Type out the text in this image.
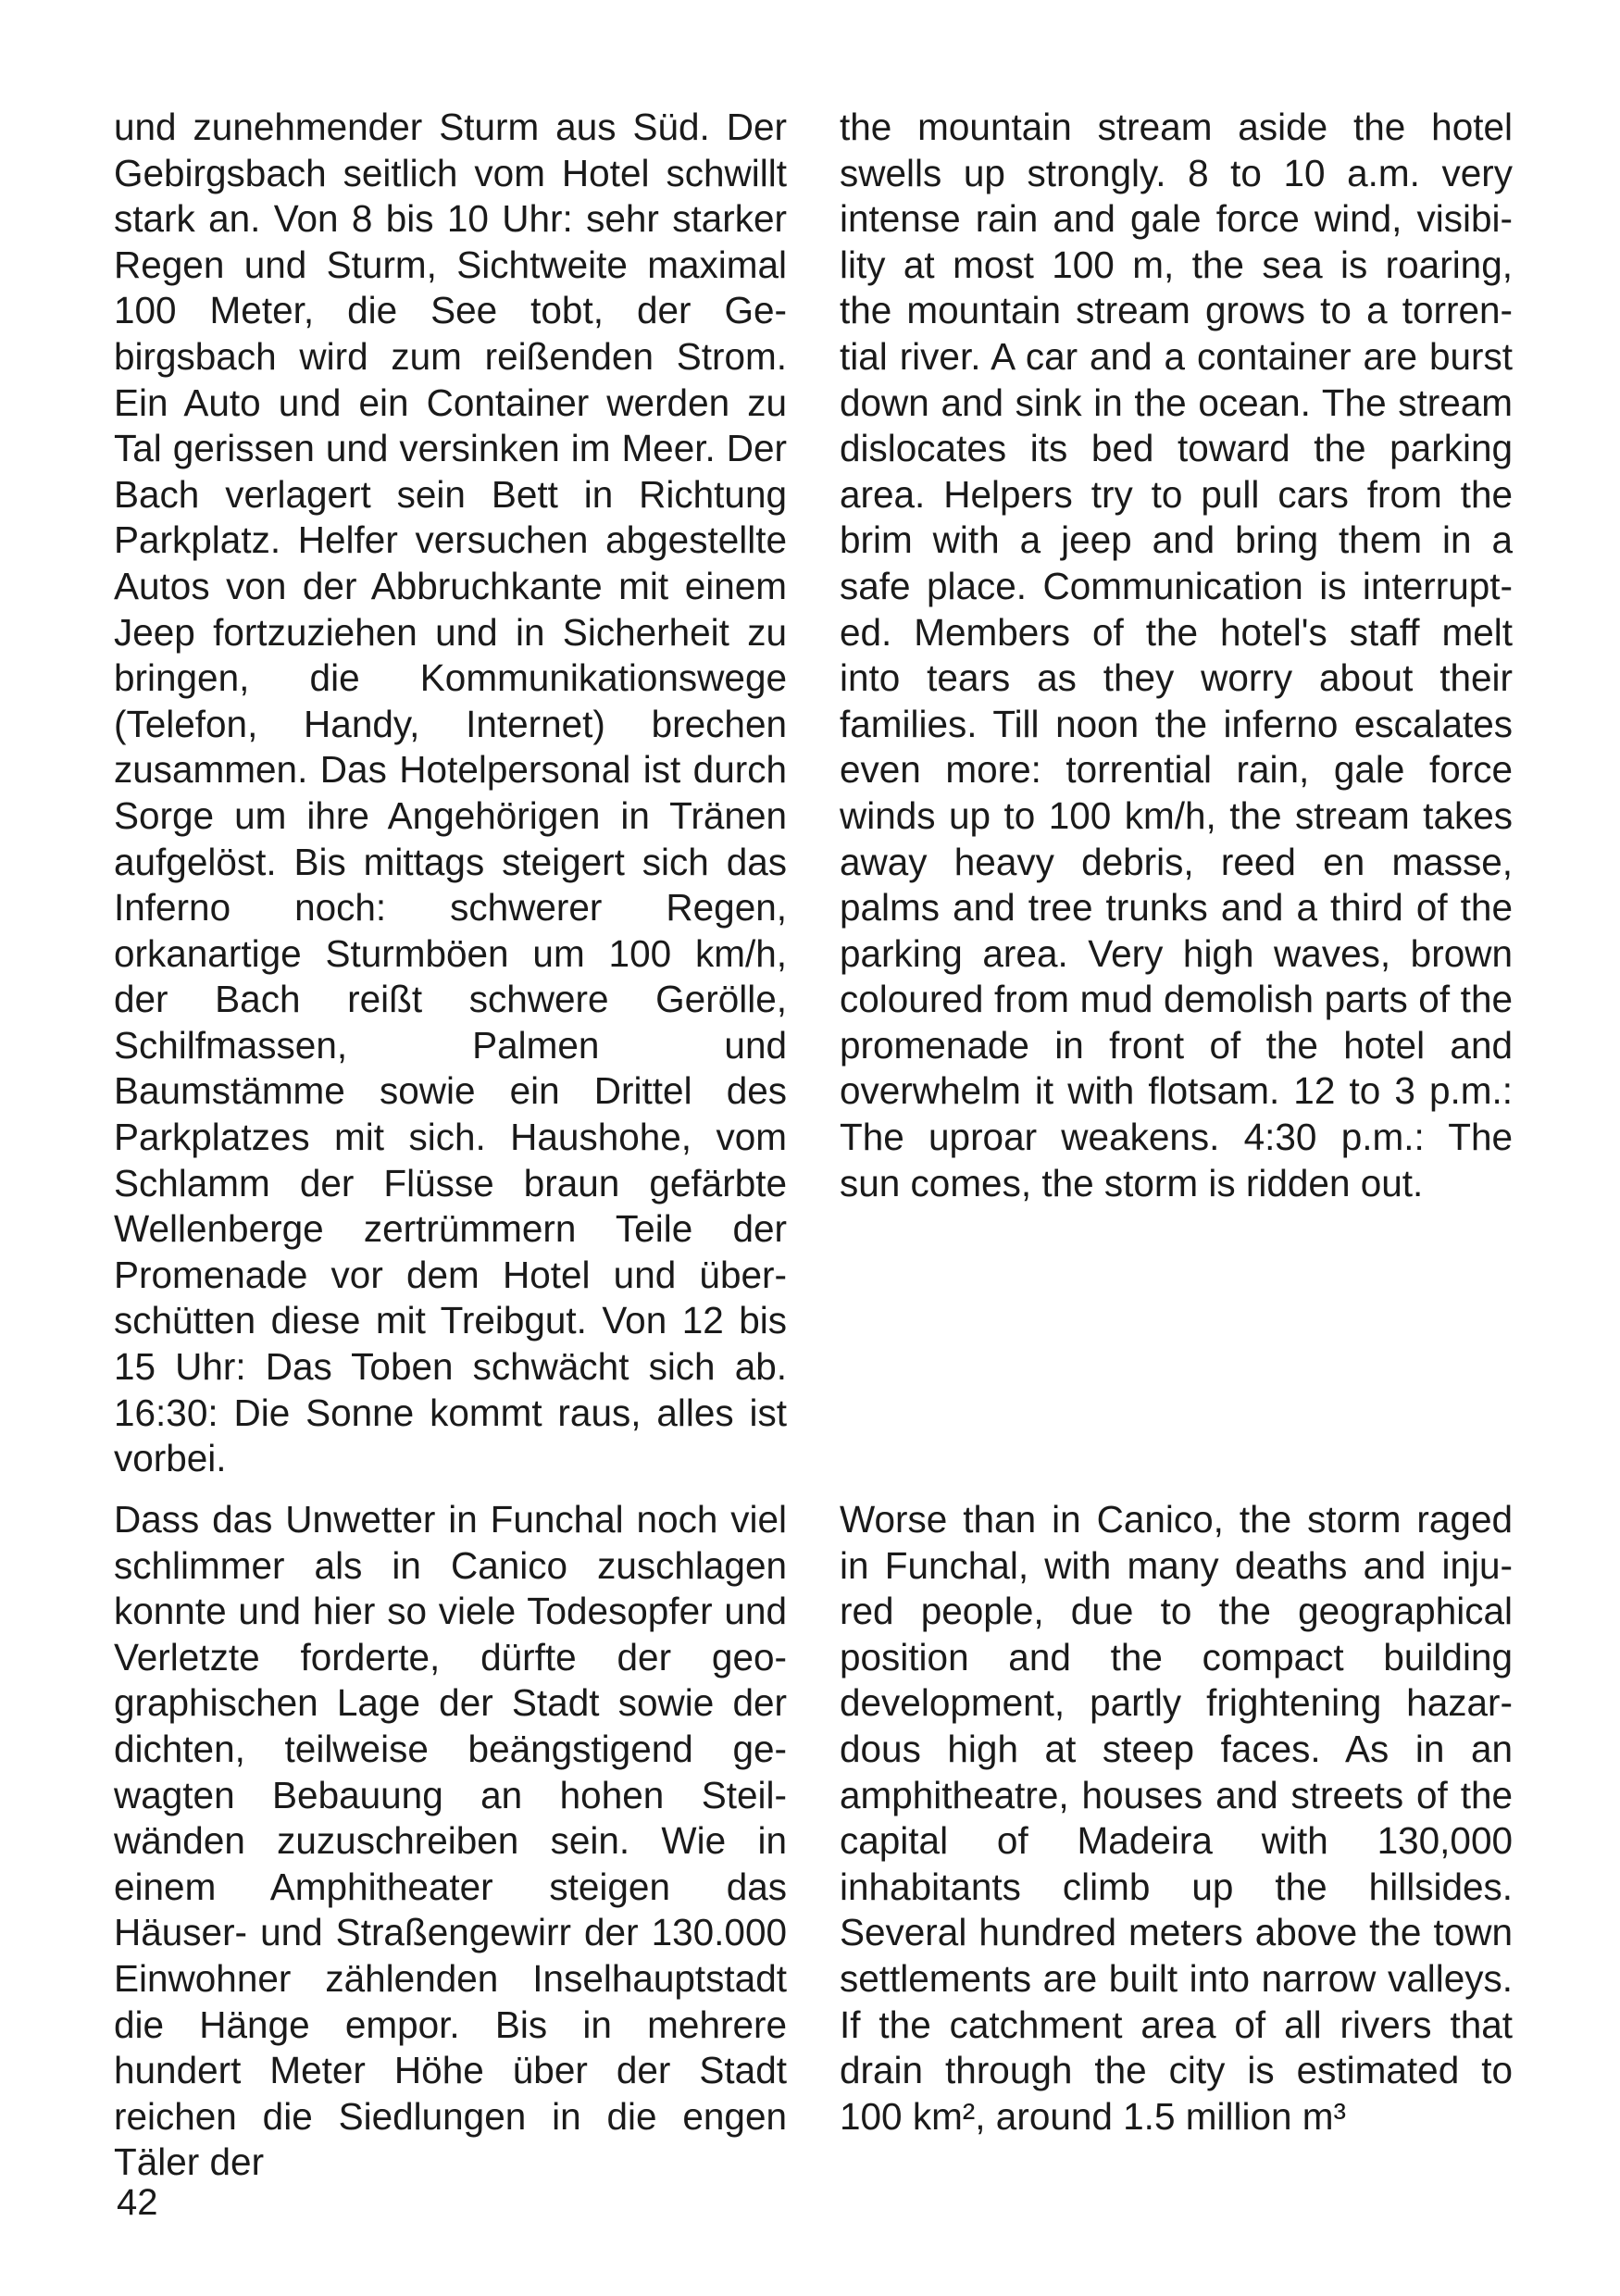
und zunehmender Sturm aus Süd. Der Gebirgsbach seitlich vom Hotel schwillt stark an. Von 8 bis 10 Uhr: sehr starker Regen und Sturm, Sichtweite maximal 100 Meter, die See tobt, der Gebirgsbach wird zum reißenden Strom. Ein Auto und ein Container werden zu Tal gerissen und versinken im Meer. Der Bach verlagert sein Bett in Richtung Parkplatz. Helfer versuchen abgestellte Autos von der Abbruchkante mit einem Jeep fortzuziehen und in Sicherheit zu bringen, die Kommunikationswege (Telefon, Handy, Internet) brechen zusammen. Das Hotelpersonal ist durch Sorge um ihre Angehörigen in Tränen aufgelöst. Bis mittags steigert sich das Inferno noch: schwerer Regen, orkanartige Sturmböen um 100 km/h, der Bach reißt schwere Gerölle, Schilfmassen, Palmen und Baumstämme sowie ein Drittel des Parkplatzes mit sich. Haushohe, vom Schlamm der Flüsse braun gefärbte Wellenberge zertrümmern Teile der Promenade vor dem Hotel und überschütten diese mit Treibgut. Von 12 bis 15 Uhr: Das Toben schwächt sich ab. 16:30: Die Sonne kommt raus, alles ist vorbei.

the mountain stream aside the hotel swells up strongly. 8 to 10 a.m. very intense rain and gale force wind, visibility at most 100 m, the sea is roaring, the mountain stream grows to a torrential river. A car and a container are burst down and sink in the ocean. The stream dislocates its bed toward the parking area. Helpers try to pull cars from the brim with a jeep and bring them in a safe place. Communication is interrupted. Members of the hotel's staff melt into tears as they worry about their families. Till noon the inferno escalates even more: torrential rain, gale force winds up to 100 km/h, the stream takes away heavy debris, reed en masse, palms and tree trunks and a third of the parking area. Very high waves, brown coloured from mud demolish parts of the promenade in front of the hotel and overwhelm it with flotsam. 12 to 3 p.m.: The uproar weakens. 4:30 p.m.: The sun comes, the storm is ridden out.

Dass das Unwetter in Funchal noch viel schlimmer als in Canico zuschlagen konnte und hier so viele Todesopfer und Verletzte forderte, dürfte der geographischen Lage der Stadt sowie der dichten, teilweise beängstigend gewagten Bebauung an hohen Steilwänden zuzuschreiben sein. Wie in einem Amphitheater steigen das Häuser- und Straßengewirr der 130.000 Einwohner zählenden Inselhauptstadt die Hänge empor. Bis in mehrere hundert Meter Höhe über der Stadt reichen die Siedlungen in die engen Täler der

Worse than in Canico, the storm raged in Funchal, with many deaths and injured people, due to the geographical position and the compact building development, partly frightening hazardous high at steep faces. As in an amphitheatre, houses and streets of the capital of Madeira with 130,000 inhabitants climb up the hillsides. Several hundred meters above the town settlements are built into narrow valleys. If the catchment area of all rivers that drain through the city is estimated to 100 km², around 1.5 million m³

42
